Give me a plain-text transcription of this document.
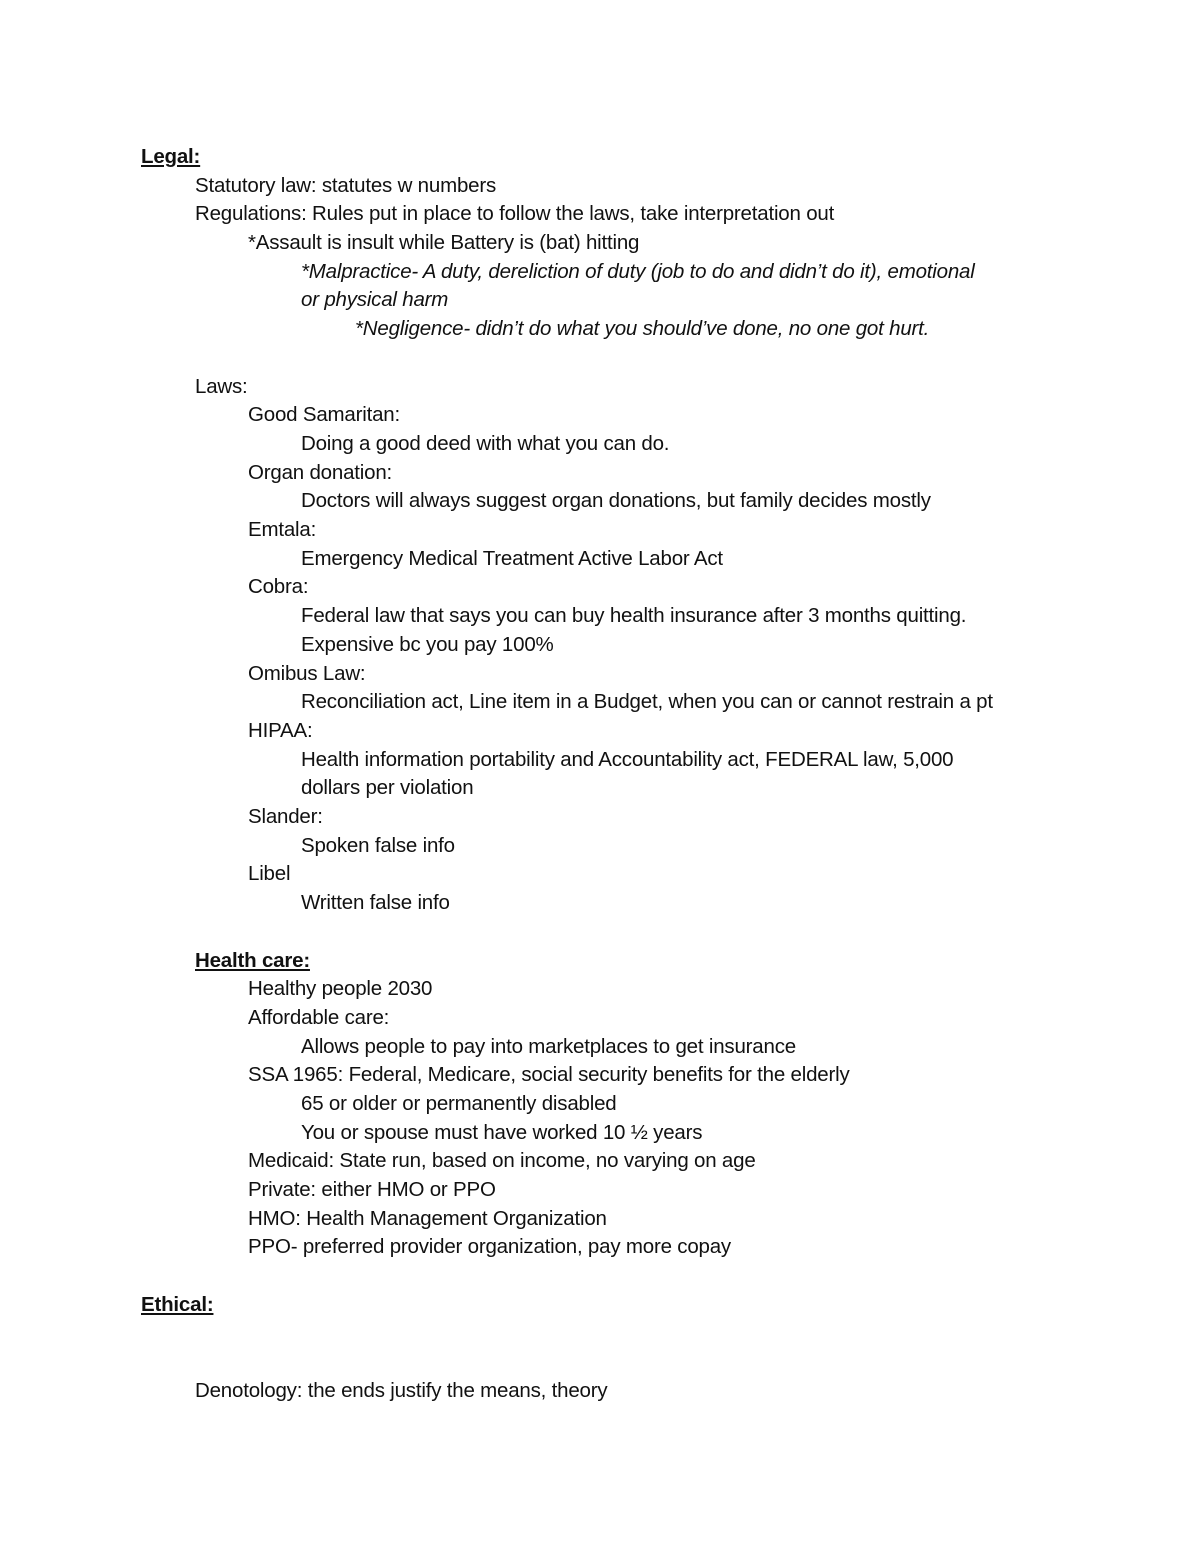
Legal:
Statutory law: statutes w numbers
Regulations: Rules put in place to follow the laws, take interpretation out
*Assault is insult while Battery is (bat) hitting
*Malpractice- A duty, dereliction of duty (job to do and didn’t do it), emotional
or physical harm
*Negligence- didn’t do what you should’ve done, no one got hurt.
Laws:
Good Samaritan:
Doing a good deed with what you can do.
Organ donation:
Doctors will always suggest organ donations, but family decides mostly
Emtala:
Emergency Medical Treatment Active Labor Act
Cobra:
Federal law that says you can buy health insurance after 3 months quitting.
Expensive bc you pay 100%
Omibus Law:
Reconciliation act, Line item in a Budget, when you can or cannot restrain a pt
HIPAA:
Health information portability and Accountability act, FEDERAL law, 5,000
dollars per violation
Slander:
Spoken false info
Libel
Written false info
Health care:
Healthy people 2030
Affordable care:
Allows people to pay into marketplaces to get insurance
SSA 1965: Federal, Medicare, social security benefits for the elderly
65 or older or permanently disabled
You or spouse must have worked 10 ½ years
Medicaid: State run, based on income, no varying on age
Private: either HMO or PPO
HMO: Health Management Organization
PPO- preferred provider organization, pay more copay
Ethical:
Denotology: the ends justify the means, theory
